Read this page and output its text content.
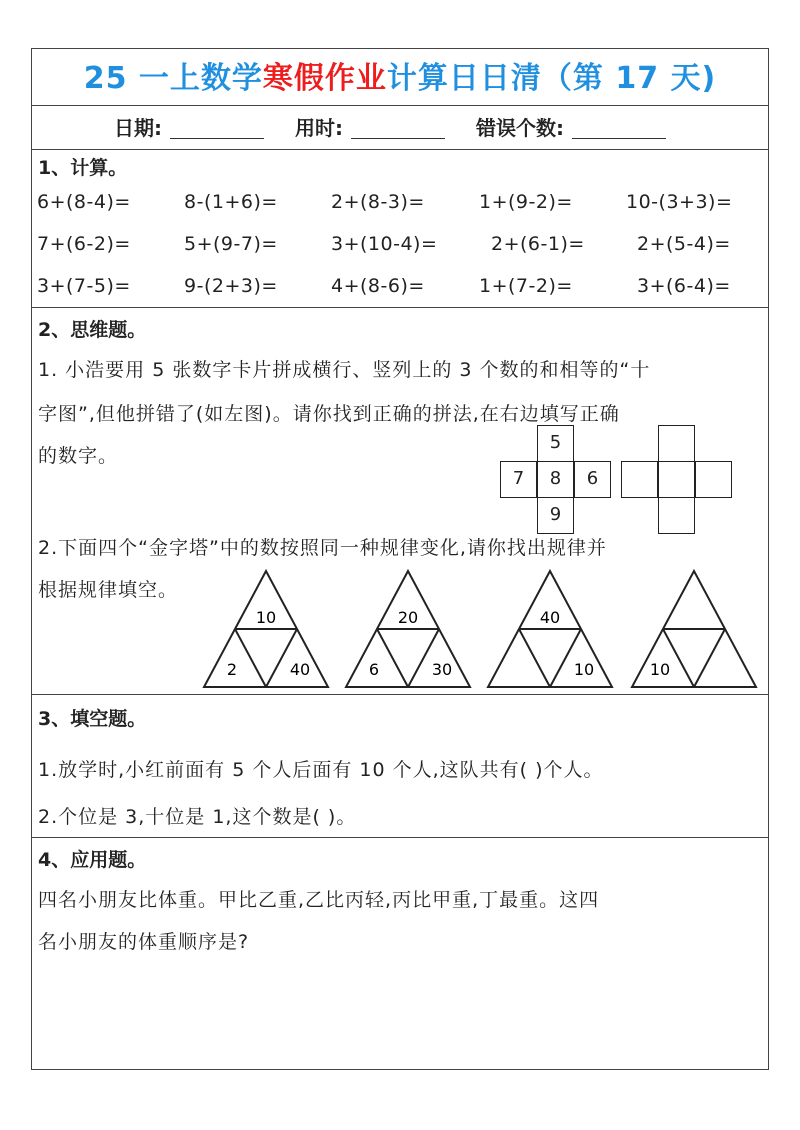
25 一上数学寒假作业计算日日清（第 17 天)
日期:	用时:	错误个数:
1、计算。
6+(8-4)=	8-(1+6)=	2+(8-3)=	1+(9-2)=	10-(3+3)=
7+(6-2)=	5+(9-7)=	3+(10-4)=	2+(6-1)=	2+(5-4)=
3+(7-5)=	9-(2+3)=	4+(8-6)=	1+(7-2)=	3+(6-4)=
2、思维题。
1. 小浩要用 5 张数字卡片拼成横行、竖列上的 3 个数的和相等的“十
字图”,但他拼错了(如左图)。请你找到正确的拼法,在右边填写正确
的数字。
5
7	8	6
9
2.下面四个“金字塔”中的数按照同一种规律变化,请你找出规律并
根据规律填空。
10
2	40
20
6	30
40
10	10
3、填空题。
1.放学时,小红前面有 5 个人后面有 10 个人,这队共有( )个人。
2.个位是 3,十位是 1,这个数是( )。
4、应用题。
四名小朋友比体重。甲比乙重,乙比丙轻,丙比甲重,丁最重。这四
名小朋友的体重顺序是?
